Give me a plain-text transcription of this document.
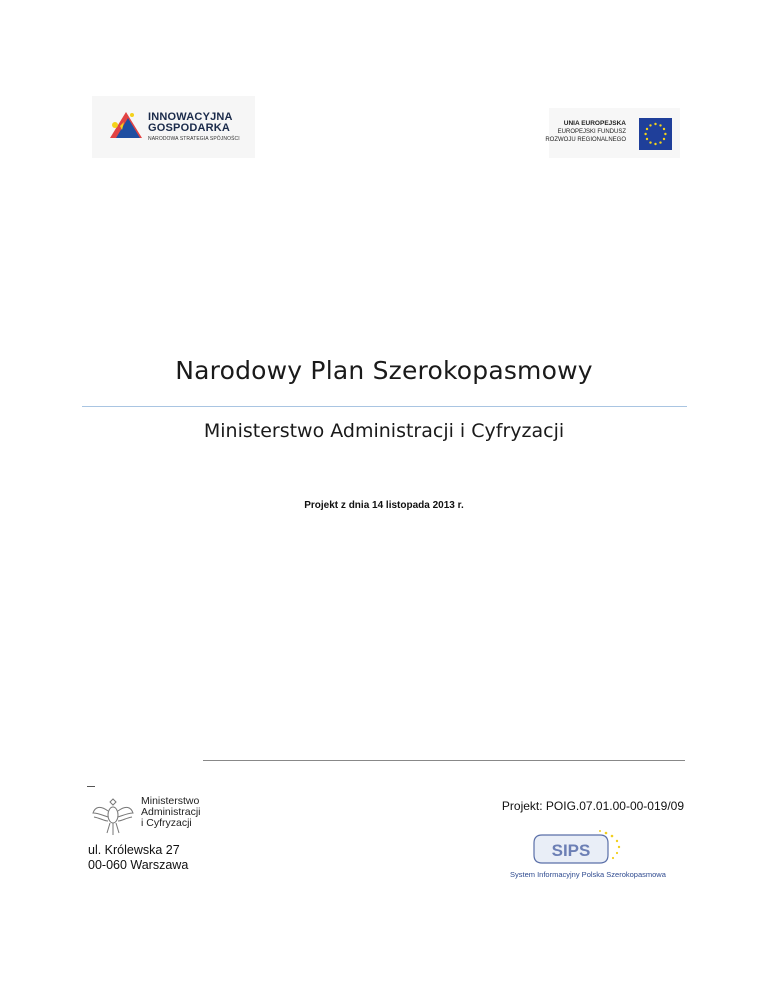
INNOWACYJNA
GOSPODARKA
NARODOWA STRATEGIA SPÓJNOŚCI
UNIA EUROPEJSKA
EUROPEJSKI FUNDUSZ
ROZWOJU REGIONALNEGO
Narodowy Plan Szerokopasmowy
Ministerstwo Administracji i Cyfryzacji
Projekt z dnia 14 listopada 2013 r.
Ministerstwo
Administracji
i Cyfryzacji
ul. Królewska 27
00-060 Warszawa
Projekt: POIG.07.01.00-00-019/09
SIPS
System Informacyjny Polska Szerokopasmowa
